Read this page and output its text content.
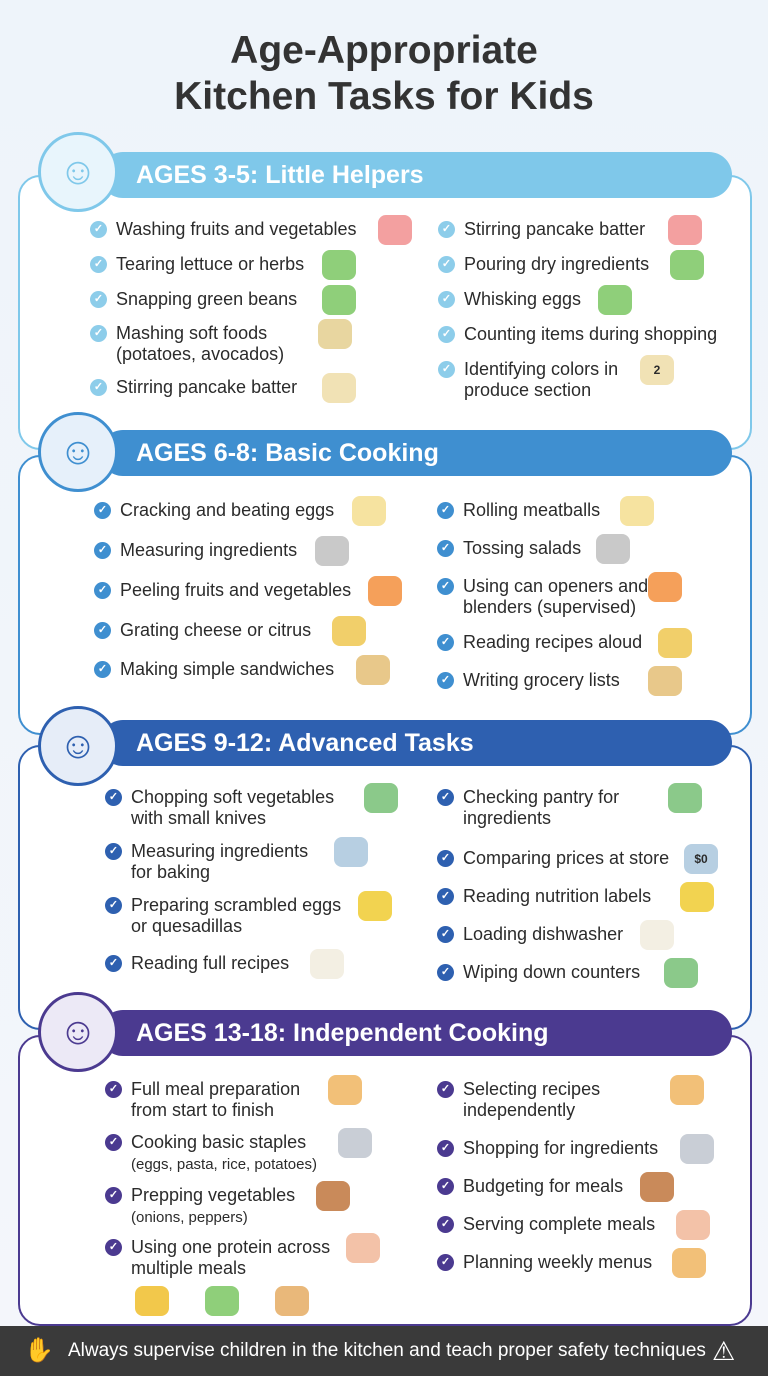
Age-Appropriate
Kitchen Tasks for Kids
AGES 3-5: Little Helpers
☺
✓ Washing fruits and vegetables
✓ Tearing lettuce or herbs
✓ Snapping green beans
✓ Mashing soft foods
(potatoes, avocados)
✓ Stirring pancake batter
✓ Stirring pancake batter
✓ Pouring dry ingredients
✓ Whisking eggs
✓ Counting items during shopping
✓ Identifying colors in
produce section
2
AGES 6-8: Basic Cooking
☺
✓ Cracking and beating eggs
✓ Measuring ingredients
✓ Peeling fruits and vegetables
✓ Grating cheese or citrus
✓ Making simple sandwiches
✓ Rolling meatballs
✓ Tossing salads
✓ Using can openers and
blenders (supervised)
✓ Reading recipes aloud
✓ Writing grocery lists
AGES 9-12: Advanced Tasks
☺
✓ Chopping soft vegetables
with small knives
✓ Measuring ingredients
for baking
✓ Preparing scrambled eggs
or quesadillas
✓ Reading full recipes
✓ Checking pantry for
ingredients
✓ Comparing prices at store $0
✓ Reading nutrition labels
✓ Loading dishwasher
✓ Wiping down counters
AGES 13-18: Independent Cooking
☺
✓ Full meal preparation
from start to finish
✓ Cooking basic staples
(eggs, pasta, rice, potatoes)
✓ Prepping vegetables
(onions, peppers)
✓ Using one protein across
multiple meals
✓ Selecting recipes
independently
✓ Shopping for ingredients
✓ Budgeting for meals
✓ Serving complete meals
✓ Planning weekly menus
✋ Always supervise children in the kitchen and teach proper safety techniques ⚠
